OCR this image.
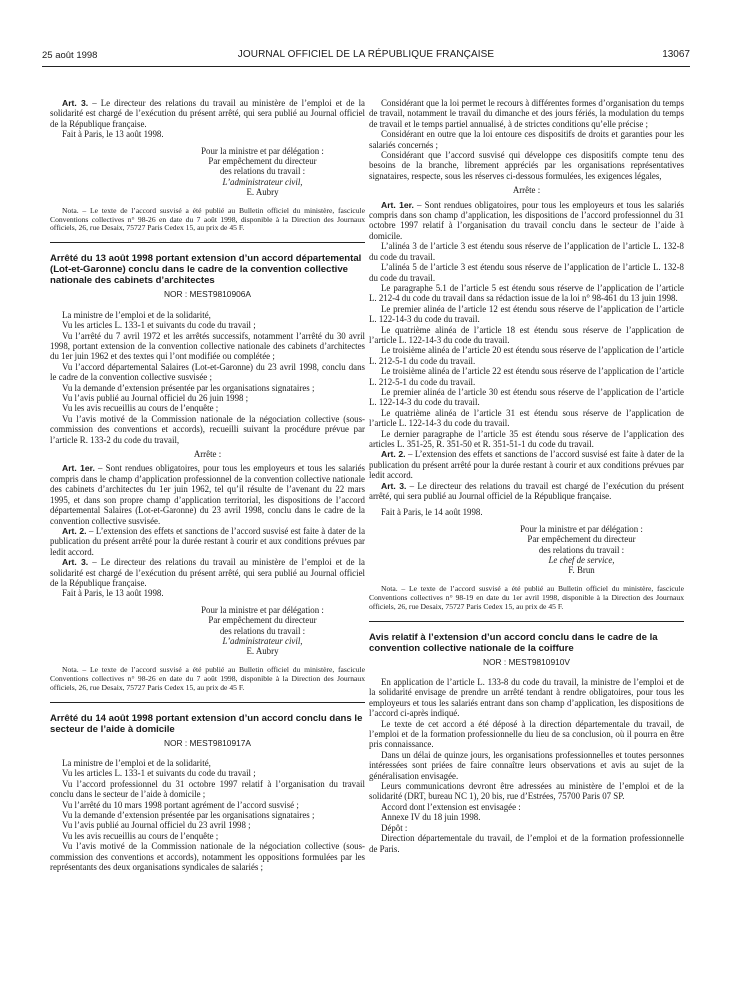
25 août 1998	JOURNAL OFFICIEL DE LA RÉPUBLIQUE FRANÇAISE	13067

Art. 3. – Le directeur des relations du travail au ministère de l’emploi et de la solidarité est chargé de l’exécution du présent arrêté, qui sera publié au Journal officiel de la République française.

Fait à Paris, le 13 août 1998.

Pour la ministre et par délégation :
Par empêchement du directeur
des relations du travail :
L’administrateur civil,
E. Aubry

Nota. – Le texte de l’accord susvisé a été publié au Bulletin officiel du ministère, fascicule Conventions collectives n° 98-26 en date du 7 août 1998, disponible à la Direction des Journaux officiels, 26, rue Desaix, 75727 Paris Cedex 15, au prix de 45 F.

Arrêté du 13 août 1998 portant extension d’un accord départemental (Lot-et-Garonne) conclu dans le cadre de la convention collective nationale des cabinets d’architectes

NOR : MEST9810906A

La ministre de l’emploi et de la solidarité,

Vu les articles L. 133-1 et suivants du code du travail ;

Vu l’arrêté du 7 avril 1972 et les arrêtés successifs, notamment l’arrêté du 30 avril 1998, portant extension de la convention collective nationale des cabinets d’architectes du 1er juin 1962 et des textes qui l’ont modifiée ou complétée ;

Vu l’accord départemental Salaires (Lot-et-Garonne) du 23 avril 1998, conclu dans le cadre de la convention collective susvisée ;

Vu la demande d’extension présentée par les organisations signataires ;

Vu l’avis publié au Journal officiel du 26 juin 1998 ;

Vu les avis recueillis au cours de l’enquête ;

Vu l’avis motivé de la Commission nationale de la négociation collective (sous-commission des conventions et accords), recueilli suivant la procédure prévue par l’article R. 133-2 du code du travail,

Arrête :

Art. 1er. – Sont rendues obligatoires, pour tous les employeurs et tous les salariés compris dans le champ d’application professionnel de la convention collective nationale des cabinets d’architectes du 1er juin 1962, tel qu’il résulte de l’avenant du 22 mars 1995, et dans son propre champ d’application territorial, les dispositions de l’accord départemental Salaires (Lot-et-Garonne) du 23 avril 1998, conclu dans le cadre de la convention collective susvisée.

Art. 2. – L’extension des effets et sanctions de l’accord susvisé est faite à dater de la publication du présent arrêté pour la durée restant à courir et aux conditions prévues par ledit accord.

Art. 3. – Le directeur des relations du travail au ministère de l’emploi et de la solidarité est chargé de l’exécution du présent arrêté, qui sera publié au Journal officiel de la République française.

Fait à Paris, le 13 août 1998.

Pour la ministre et par délégation :
Par empêchement du directeur
des relations du travail :
L’administrateur civil,
E. Aubry

Nota. – Le texte de l’accord susvisé a été publié au Bulletin officiel du ministère, fascicule Conventions collectives n° 98-26 en date du 7 août 1998, disponible à la Direction des Journaux officiels, 26, rue Desaix, 75727 Paris Cedex 15, au prix de 45 F.

Arrêté du 14 août 1998 portant extension d’un accord conclu dans le secteur de l’aide à domicile

NOR : MEST9810917A

La ministre de l’emploi et de la solidarité,

Vu les articles L. 133-1 et suivants du code du travail ;

Vu l’accord professionnel du 31 octobre 1997 relatif à l’organisation du travail conclu dans le secteur de l’aide à domicile ;

Vu l’arrêté du 10 mars 1998 portant agrément de l’accord susvisé ;

Vu la demande d’extension présentée par les organisations signataires ;

Vu l’avis publié au Journal officiel du 23 avril 1998 ;

Vu les avis recueillis au cours de l’enquête ;

Vu l’avis motivé de la Commission nationale de la négociation collective (sous-commission des conventions et accords), notamment les oppositions formulées par les représentants des deux organisations syndicales de salariés ;

Considérant que la loi permet le recours à différentes formes d’organisation du temps de travail, notamment le travail du dimanche et des jours fériés, la modulation du temps de travail et le temps partiel annualisé, à de strictes conditions qu’elle précise ;

Considérant en outre que la loi entoure ces dispositifs de droits et garanties pour les salariés concernés ;

Considérant que l’accord susvisé qui développe ces dispositifs compte tenu des besoins de la branche, librement appréciés par les organisations représentatives signataires, respecte, sous les réserves ci-dessous formulées, les exigences légales,

Arrête :

Art. 1er. – Sont rendues obligatoires, pour tous les employeurs et tous les salariés compris dans son champ d’application, les dispositions de l’accord professionnel du 31 octobre 1997 relatif à l’organisation du travail conclu dans le secteur de l’aide à domicile.

L’alinéa 3 de l’article 3 est étendu sous réserve de l’application de l’article L. 132-8 du code du travail.

L’alinéa 5 de l’article 3 est étendu sous réserve de l’application de l’article L. 132-8 du code du travail.

Le paragraphe 5.1 de l’article 5 est étendu sous réserve de l’application de l’article L. 212-4 du code du travail dans sa rédaction issue de la loi n° 98-461 du 13 juin 1998.

Le premier alinéa de l’article 12 est étendu sous réserve de l’application de l’article L. 122-14-3 du code du travail.

Le quatrième alinéa de l’article 18 est étendu sous réserve de l’application de l’article L. 122-14-3 du code du travail.

Le troisième alinéa de l’article 20 est étendu sous réserve de l’application de l’article L. 212-5-1 du code du travail.

Le troisième alinéa de l’article 22 est étendu sous réserve de l’application de l’article L. 212-5-1 du code du travail.

Le premier alinéa de l’article 30 est étendu sous réserve de l’application de l’article L. 122-14-3 du code du travail.

Le quatrième alinéa de l’article 31 est étendu sous réserve de l’application de l’article L. 122-14-3 du code du travail.

Le dernier paragraphe de l’article 35 est étendu sous réserve de l’application des articles L. 351-25, R. 351-50 et R. 351-51-1 du code du travail.

Art. 2. – L’extension des effets et sanctions de l’accord susvisé est faite à dater de la publication du présent arrêté pour la durée restant à courir et aux conditions prévues par ledit accord.

Art. 3. – Le directeur des relations du travail est chargé de l’exécution du présent arrêté, qui sera publié au Journal officiel de la République française.

Fait à Paris, le 14 août 1998.

Pour la ministre et par délégation :
Par empêchement du directeur
des relations du travail :
Le chef de service,
F. Brun

Nota. – Le texte de l’accord susvisé a été publié au Bulletin officiel du ministère, fascicule Conventions collectives n° 98-19 en date du 1er avril 1998, disponible à la Direction des Journaux officiels, 26, rue Desaix, 75727 Paris Cedex 15, au prix de 45 F.

Avis relatif à l’extension d’un accord conclu dans le cadre de la convention collective nationale de la coiffure

NOR : MEST9810910V

En application de l’article L. 133-8 du code du travail, la ministre de l’emploi et de la solidarité envisage de prendre un arrêté tendant à rendre obligatoires, pour tous les employeurs et tous les salariés entrant dans son champ d’application, les dispositions de l’accord ci-après indiqué.

Le texte de cet accord a été déposé à la direction départementale du travail, de l’emploi et de la formation professionnelle du lieu de sa conclusion, où il pourra en être pris connaissance.

Dans un délai de quinze jours, les organisations professionnelles et toutes personnes intéressées sont priées de faire connaître leurs observations et avis au sujet de la généralisation envisagée.

Leurs communications devront être adressées au ministère de l’emploi et de la solidarité (DRT, bureau NC 1), 20 bis, rue d’Estrées, 75700 Paris 07 SP.

Accord dont l’extension est envisagée :

Annexe IV du 18 juin 1998.

Dépôt :

Direction départementale du travail, de l’emploi et de la formation professionnelle de Paris.
